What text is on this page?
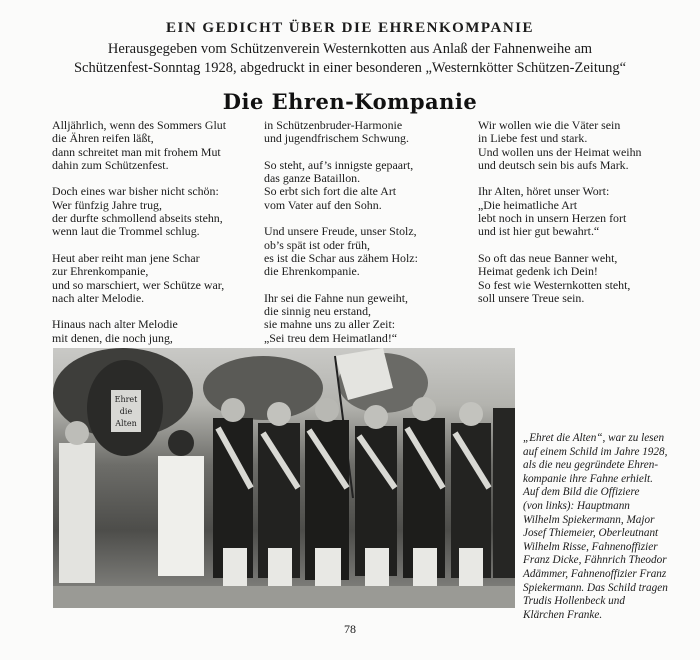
EIN GEDICHT ÜBER DIE EHRENKOMPANIE
Herausgegeben vom Schützenverein Westernkotten aus Anlaß der Fahnenweihe am
Schützenfest-Sonntag 1928, abgedruckt in einer besonderen „Westernkötter Schützen-Zeitung“
Die Ehren-Kompanie
Alljährlich, wenn des Sommers Glut
die Ähren reifen läßt,
dann schreitet man mit frohem Mut
dahin zum Schützenfest.
Doch eines war bisher nicht schön:
Wer fünfzig Jahre trug,
der durfte schmollend abseits stehn,
wenn laut die Trommel schlug.
Heut aber reiht man jene Schar
zur Ehrenkompanie,
und so marschiert, wer Schütze war,
nach alter Melodie.
Hinaus nach alter Melodie
mit denen, die noch jung,
in Schützenbruder-Harmonie
und jugendfrischem Schwung.
So steht, auf’s innigste gepaart,
das ganze Bataillon.
So erbt sich fort die alte Art
vom Vater auf den Sohn.
Und unsere Freude, unser Stolz,
ob’s spät ist oder früh,
es ist die Schar aus zähem Holz:
die Ehrenkompanie.
Ihr sei die Fahne nun geweiht,
die sinnig neu erstand,
sie mahne uns zu aller Zeit:
„Sei treu dem Heimatland!“
Wir wollen wie die Väter sein
in Liebe fest und stark.
Und wollen uns der Heimat weihn
und deutsch sein bis aufs Mark.
Ihr Alten, höret unser Wort:
„Die heimatliche Art
lebt noch in unsern Herzen fort
und ist hier gut bewahrt.“
So oft das neue Banner weht,
Heimat gedenk ich Dein!
So fest wie Westernkotten steht,
soll unsere Treue sein.
Ehret
die
Alten
„Ehret die Alten“, war zu lesen
auf einem Schild im Jahre 1928,
als die neu gegründete Ehren-
kompanie ihre Fahne erhielt.
Auf dem Bild die Offiziere
(von links): Hauptmann
Wilhelm Spiekermann, Major
Josef Thiemeier, Oberleutnant
Wilhelm Risse, Fahnenoffizier
Franz Dicke, Fähnrich Theodor
Adämmer, Fahnenoffizier Franz
Spiekermann. Das Schild tragen
Trudis Hollenbeck und
Klärchen Franke.
78
